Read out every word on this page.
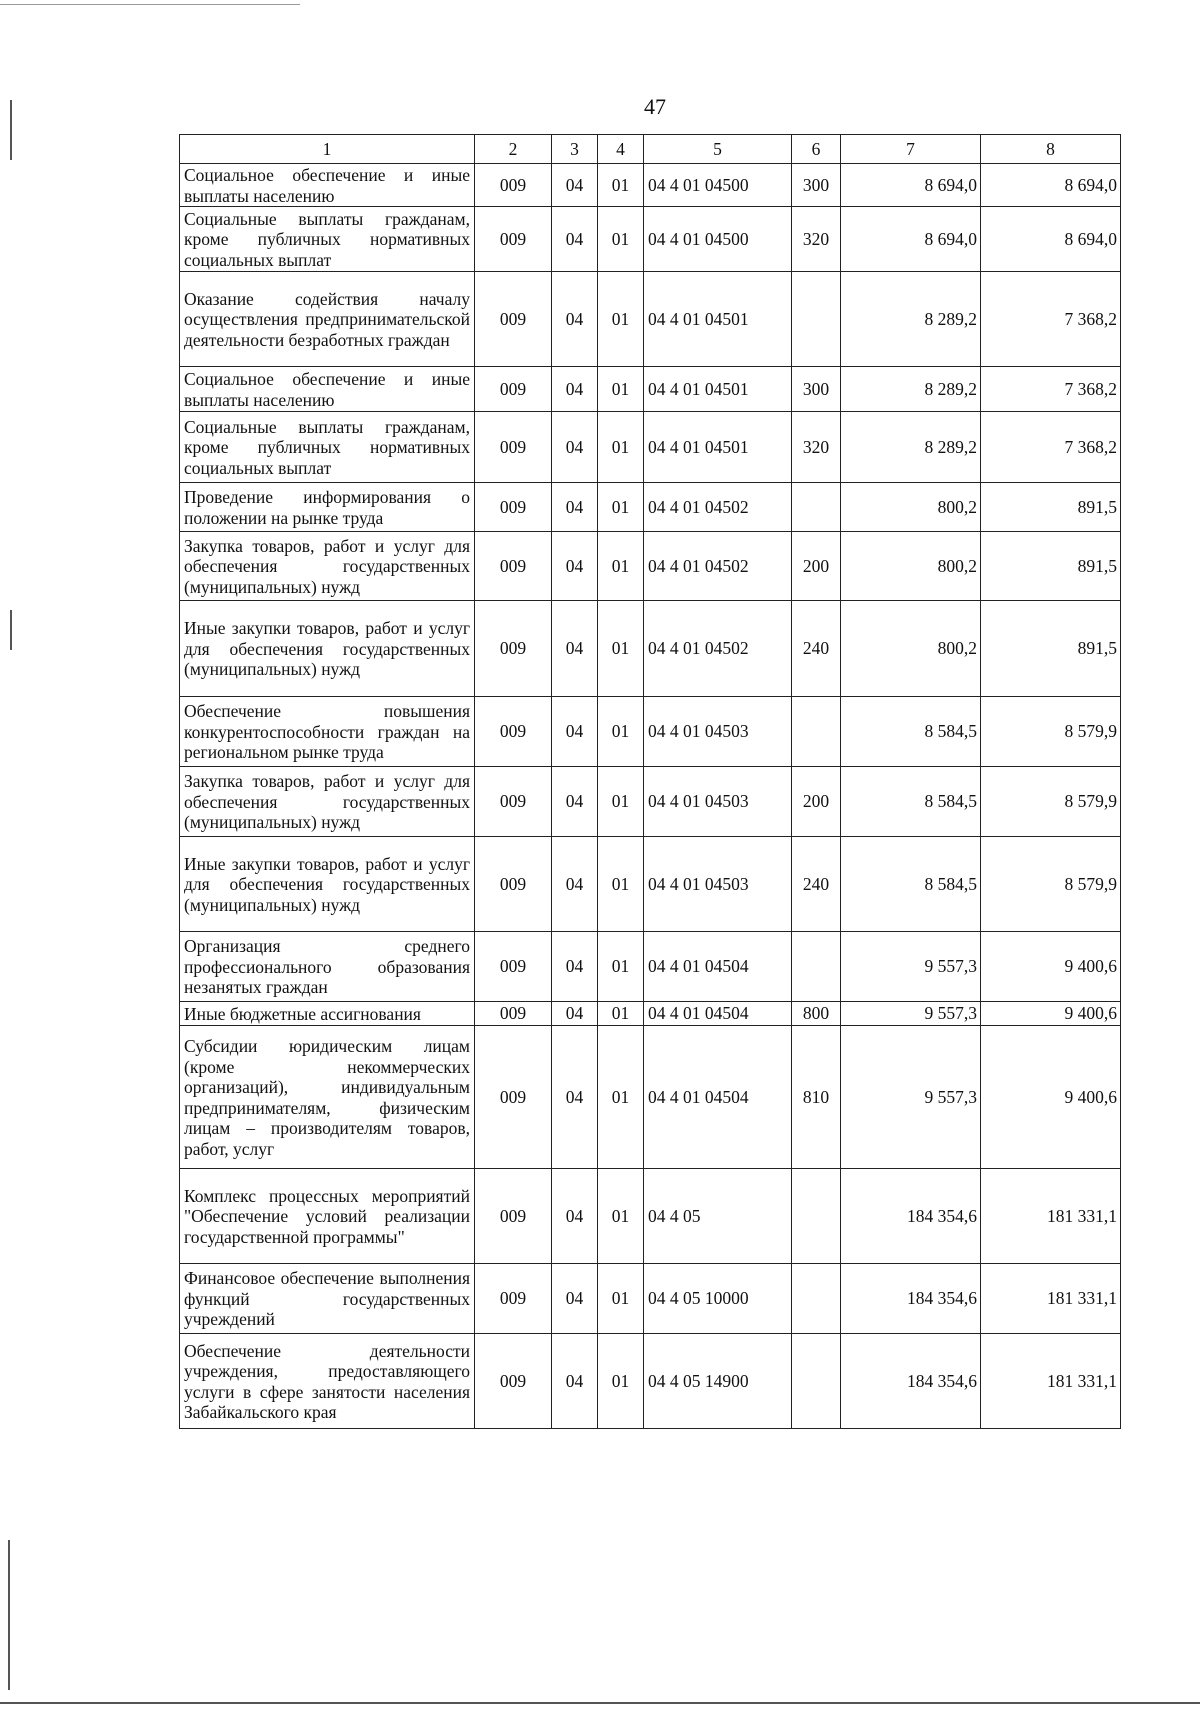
47
1	2	3	4	5	6	7	8
Социальное обеспечение и иные выплаты населению	009	04	01	04 4 01 04500	300	8 694,0	8 694,0
Социальные выплаты гражданам, кроме публичных нормативных социальных выплат	009	04	01	04 4 01 04500	320	8 694,0	8 694,0
Оказание содействия началу осуществления предпринимательской деятельности безработных граждан	009	04	01	04 4 01 04501		8 289,2	7 368,2
Социальное обеспечение и иные выплаты населению	009	04	01	04 4 01 04501	300	8 289,2	7 368,2
Социальные выплаты гражданам, кроме публичных нормативных социальных выплат	009	04	01	04 4 01 04501	320	8 289,2	7 368,2
Проведение информирования о положении на рынке труда	009	04	01	04 4 01 04502		800,2	891,5
Закупка товаров, работ и услуг для обеспечения государственных (муниципальных) нужд	009	04	01	04 4 01 04502	200	800,2	891,5
Иные закупки товаров, работ и услуг для обеспечения государственных (муниципальных) нужд	009	04	01	04 4 01 04502	240	800,2	891,5
Обеспечение повышения конкурентоспособности граждан на региональном рынке труда	009	04	01	04 4 01 04503		8 584,5	8 579,9
Закупка товаров, работ и услуг для обеспечения государственных (муниципальных) нужд	009	04	01	04 4 01 04503	200	8 584,5	8 579,9
Иные закупки товаров, работ и услуг для обеспечения государственных (муниципальных) нужд	009	04	01	04 4 01 04503	240	8 584,5	8 579,9
Организация среднего профессионального образования незанятых граждан	009	04	01	04 4 01 04504		9 557,3	9 400,6
Иные бюджетные ассигнования	009	04	01	04 4 01 04504	800	9 557,3	9 400,6
Субсидии юридическим лицам (кроме некоммерческих организаций), индивидуальным предпринимателям, физическим лицам – производителям товаров, работ, услуг	009	04	01	04 4 01 04504	810	9 557,3	9 400,6
Комплекс процессных мероприятий "Обеспечение условий реализации государственной программы"	009	04	01	04 4 05		184 354,6	181 331,1
Финансовое обеспечение выполнения функций государственных учреждений	009	04	01	04 4 05 10000		184 354,6	181 331,1
Обеспечение деятельности учреждения, предоставляющего услуги в сфере занятости населения Забайкальского края	009	04	01	04 4 05 14900		184 354,6	181 331,1
